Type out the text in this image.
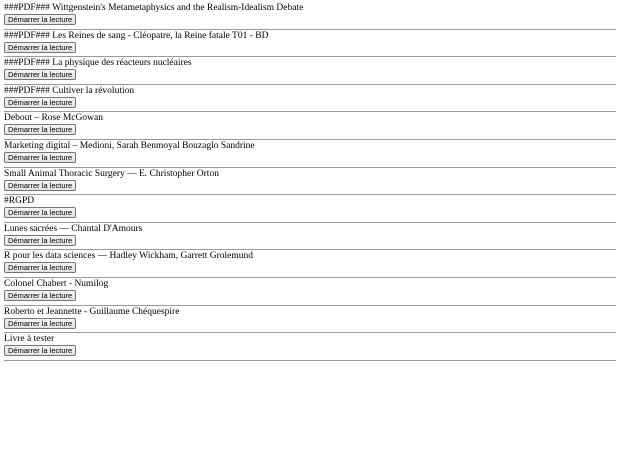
###PDF### Wittgenstein's Metametaphysics and the Realism-Idealism Debate
Démarrer la lecture
###PDF### Les Reines de sang - Cléopatre, la Reine fatale T01 - BD
Démarrer la lecture
###PDF### La physique des réacteurs nucléaires
Démarrer la lecture
###PDF### Cultiver la révolution
Démarrer la lecture
Debout – Rose McGowan
Démarrer la lecture
Marketing digital – Medioni, Sarah Benmoyal Bouzaglo Sandrine
Démarrer la lecture
Small Animal Thoracic Surgery — E. Christopher Orton
Démarrer la lecture
#RGPD
Démarrer la lecture
Lunes sacrées — Chantal D'Amours
Démarrer la lecture
R pour les data sciences — Hadley Wickham, Garrett Grolemund
Démarrer la lecture
Colonel Chabert - Numilog
Démarrer la lecture
Roberto et Jeannette - Guillaume Chéquespire
Démarrer la lecture
Livre à tester
Démarrer la lecture
